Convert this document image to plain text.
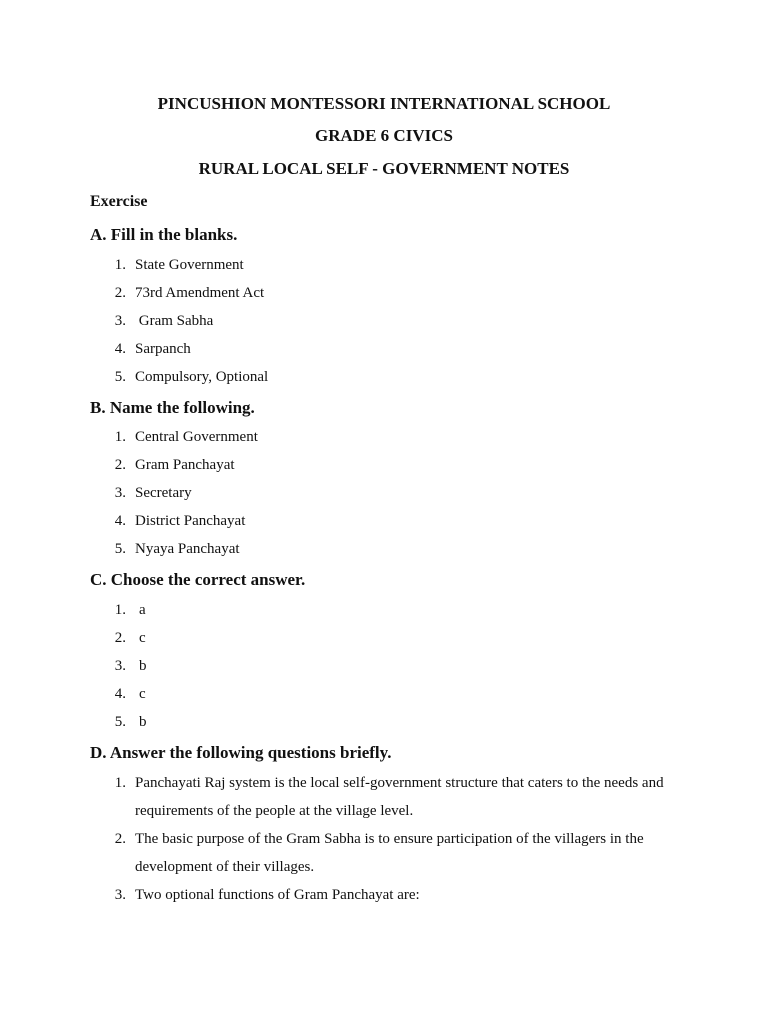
PINCUSHION MONTESSORI INTERNATIONAL SCHOOL
GRADE 6 CIVICS
RURAL LOCAL SELF - GOVERNMENT NOTES
Exercise
A. Fill in the blanks.
1. State Government
2. 73rd Amendment Act
3. Gram Sabha
4. Sarpanch
5. Compulsory, Optional
B. Name the following.
1. Central Government
2. Gram Panchayat
3. Secretary
4. District Panchayat
5. Nyaya Panchayat
C. Choose the correct answer.
1. a
2. c
3. b
4. c
5. b
D. Answer the following questions briefly.
1. Panchayati Raj system is the local self-government structure that caters to the needs and requirements of the people at the village level.
2. The basic purpose of the Gram Sabha is to ensure participation of the villagers in the development of their villages.
3. Two optional functions of Gram Panchayat are:
